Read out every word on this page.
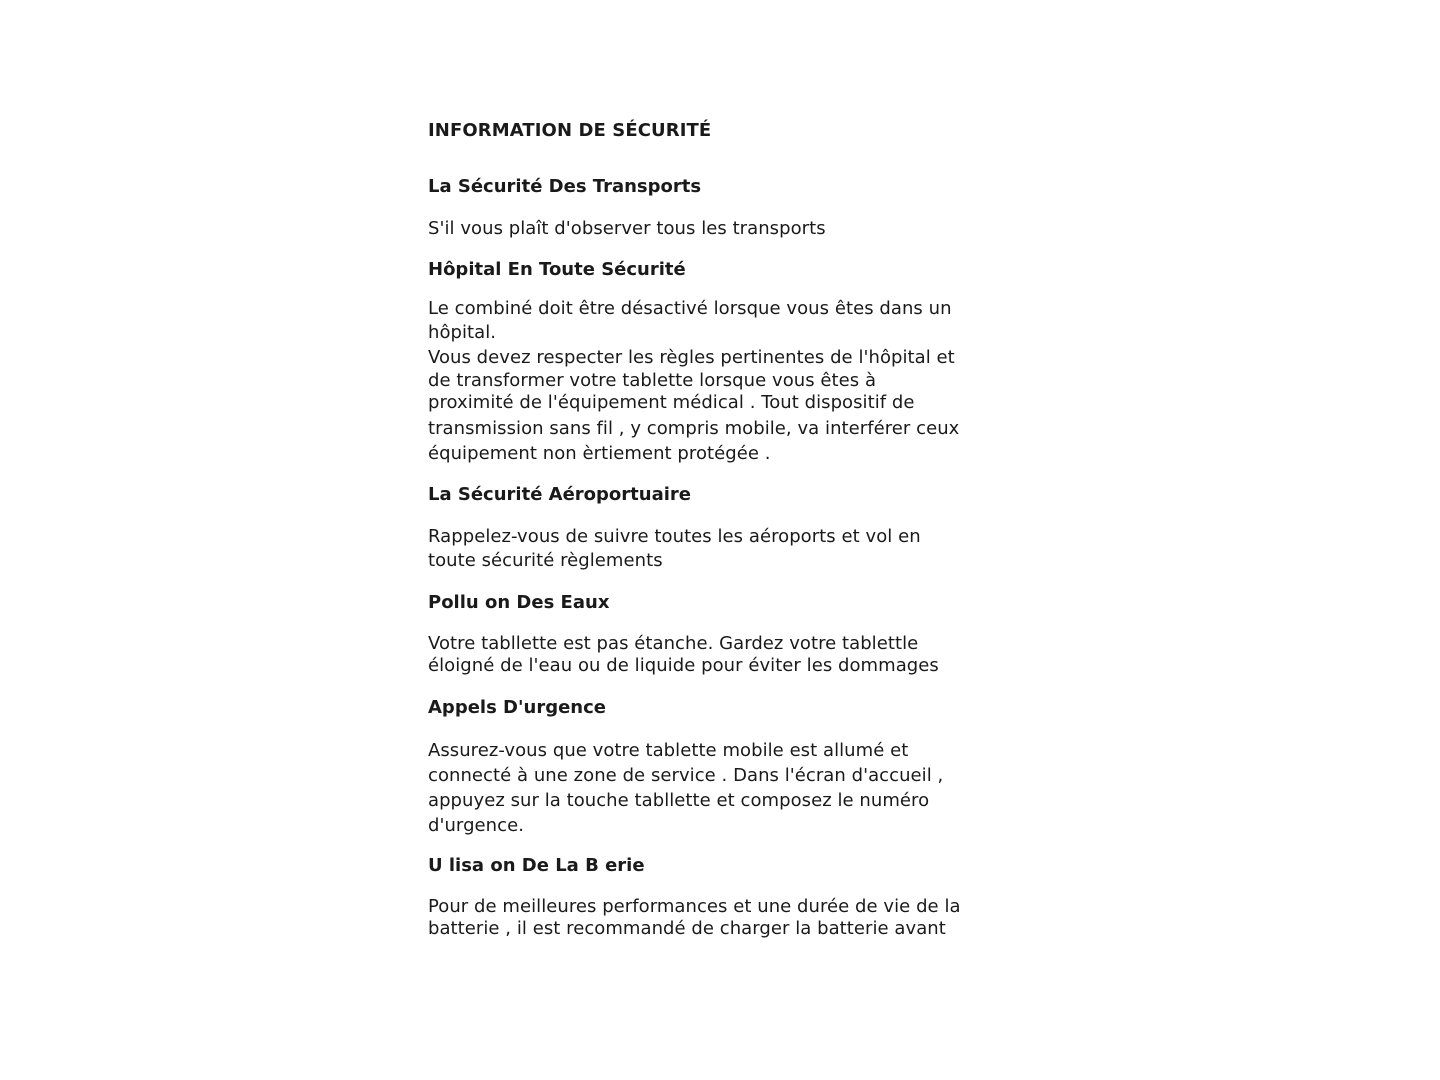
INFORMATION DE SÉCURITÉ
La Sécurité Des Transports

S'il vous plaît d'observer tous les transports

Hôpital En Toute Sécurité

Le combiné doit être désactivé lorsque vous êtes dans un
hôpital.

Vous devez respecter les règles pertinentes de l'hôpital et
de transformer votre tablette lorsque vous êtes à
proximité de l'équipement médical . Tout dispositif de

transmission sans fil , y compris mobile, va interférer ceux
équipement non èrtiement protégée .

La Sécurité Aéroportuaire

Rappelez-vous de suivre toutes les aéroports et vol en
toute sécurité règlements

Pollu on Des Eaux

Votre tabllette est pas étanche. Gardez votre tablettle
éloigné de l'eau ou de liquide pour éviter les dommages

Appels D'urgence

Assurez-vous que votre tablette mobile est allumé et
connecté à une zone de service . Dans l'écran d'accueil ,
appuyez sur la touche tabllette et composez le numéro
d'urgence.

U lisa on De La B erie

Pour de meilleures performances et une durée de vie de la
batterie , il est recommandé de charger la batterie avant
